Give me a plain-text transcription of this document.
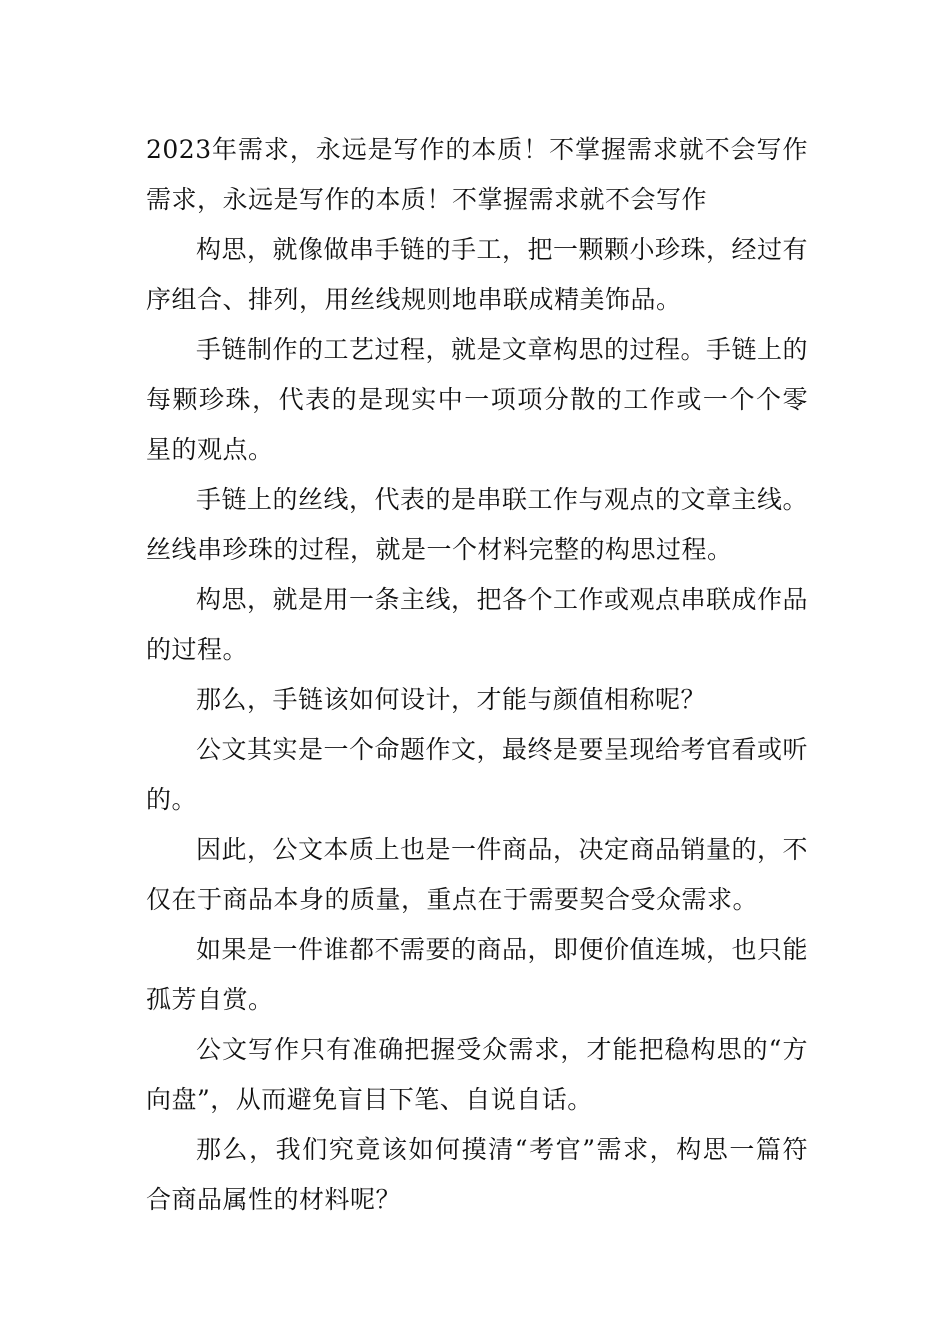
2023年需求，永远是写作的本质！不掌握需求就不会写作需求，永远是写作的本质！不掌握需求就不会写作

构思，就像做串手链的手工，把一颗颗小珍珠，经过有序组合、排列，用丝线规则地串联成精美饰品。

手链制作的工艺过程，就是文章构思的过程。手链上的每颗珍珠，代表的是现实中一项项分散的工作或一个个零星的观点。

手链上的丝线，代表的是串联工作与观点的文章主线。丝线串珍珠的过程，就是一个材料完整的构思过程。

构思，就是用一条主线，把各个工作或观点串联成作品的过程。

那么，手链该如何设计，才能与颜值相称呢？

公文其实是一个命题作文，最终是要呈现给考官看或听的。

因此，公文本质上也是一件商品，决定商品销量的，不仅在于商品本身的质量，重点在于需要契合受众需求。

如果是一件谁都不需要的商品，即便价值连城，也只能孤芳自赏。

公文写作只有准确把握受众需求，才能把稳构思的“方向盘”，从而避免盲目下笔、自说自话。

那么，我们究竟该如何摸清“考官”需求，构思一篇符合商品属性的材料呢？
